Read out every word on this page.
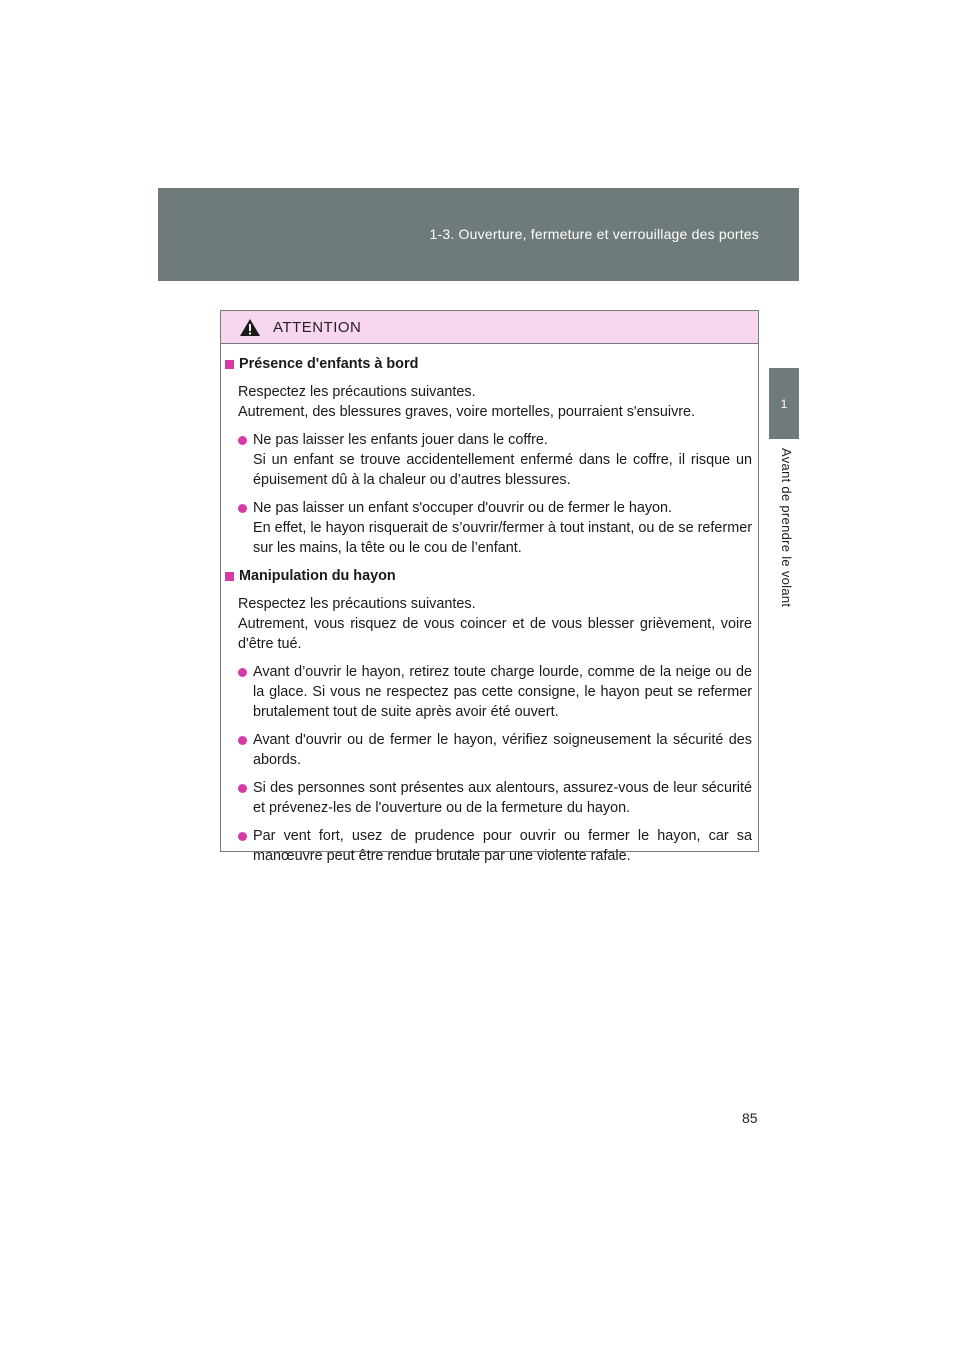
1-3. Ouverture, fermeture et verrouillage des portes
1
Avant de prendre le volant
ATTENTION
Présence d'enfants à bord

Respectez les précautions suivantes.

Autrement, des blessures graves, voire mortelles, pourraient s'ensuivre.

Ne pas laisser les enfants jouer dans le coffre.

Si un enfant se trouve accidentellement enfermé dans le coffre, il risque un épuisement dû à la chaleur ou d’autres blessures.

Ne pas laisser un enfant s'occuper d'ouvrir ou de fermer le hayon.

En effet, le hayon risquerait de s’ouvrir/fermer à tout instant, ou de se refermer sur les mains, la tête ou le cou de l’enfant.

Manipulation du hayon

Respectez les précautions suivantes.

Autrement, vous risquez de vous coincer et de vous blesser grièvement, voire d'être tué.

Avant d’ouvrir le hayon, retirez toute charge lourde, comme de la neige ou de la glace. Si vous ne respectez pas cette consigne, le hayon peut se refermer brutalement tout de suite après avoir été ouvert.

Avant d'ouvrir ou de fermer le hayon, vérifiez soigneusement la sécurité des abords.

Si des personnes sont présentes aux alentours, assurez-vous de leur sécurité et prévenez-les de l'ouverture ou de la fermeture du hayon.

Par vent fort, usez de prudence pour ouvrir ou fermer le hayon, car sa manœuvre peut être rendue brutale par une violente rafale.

85
